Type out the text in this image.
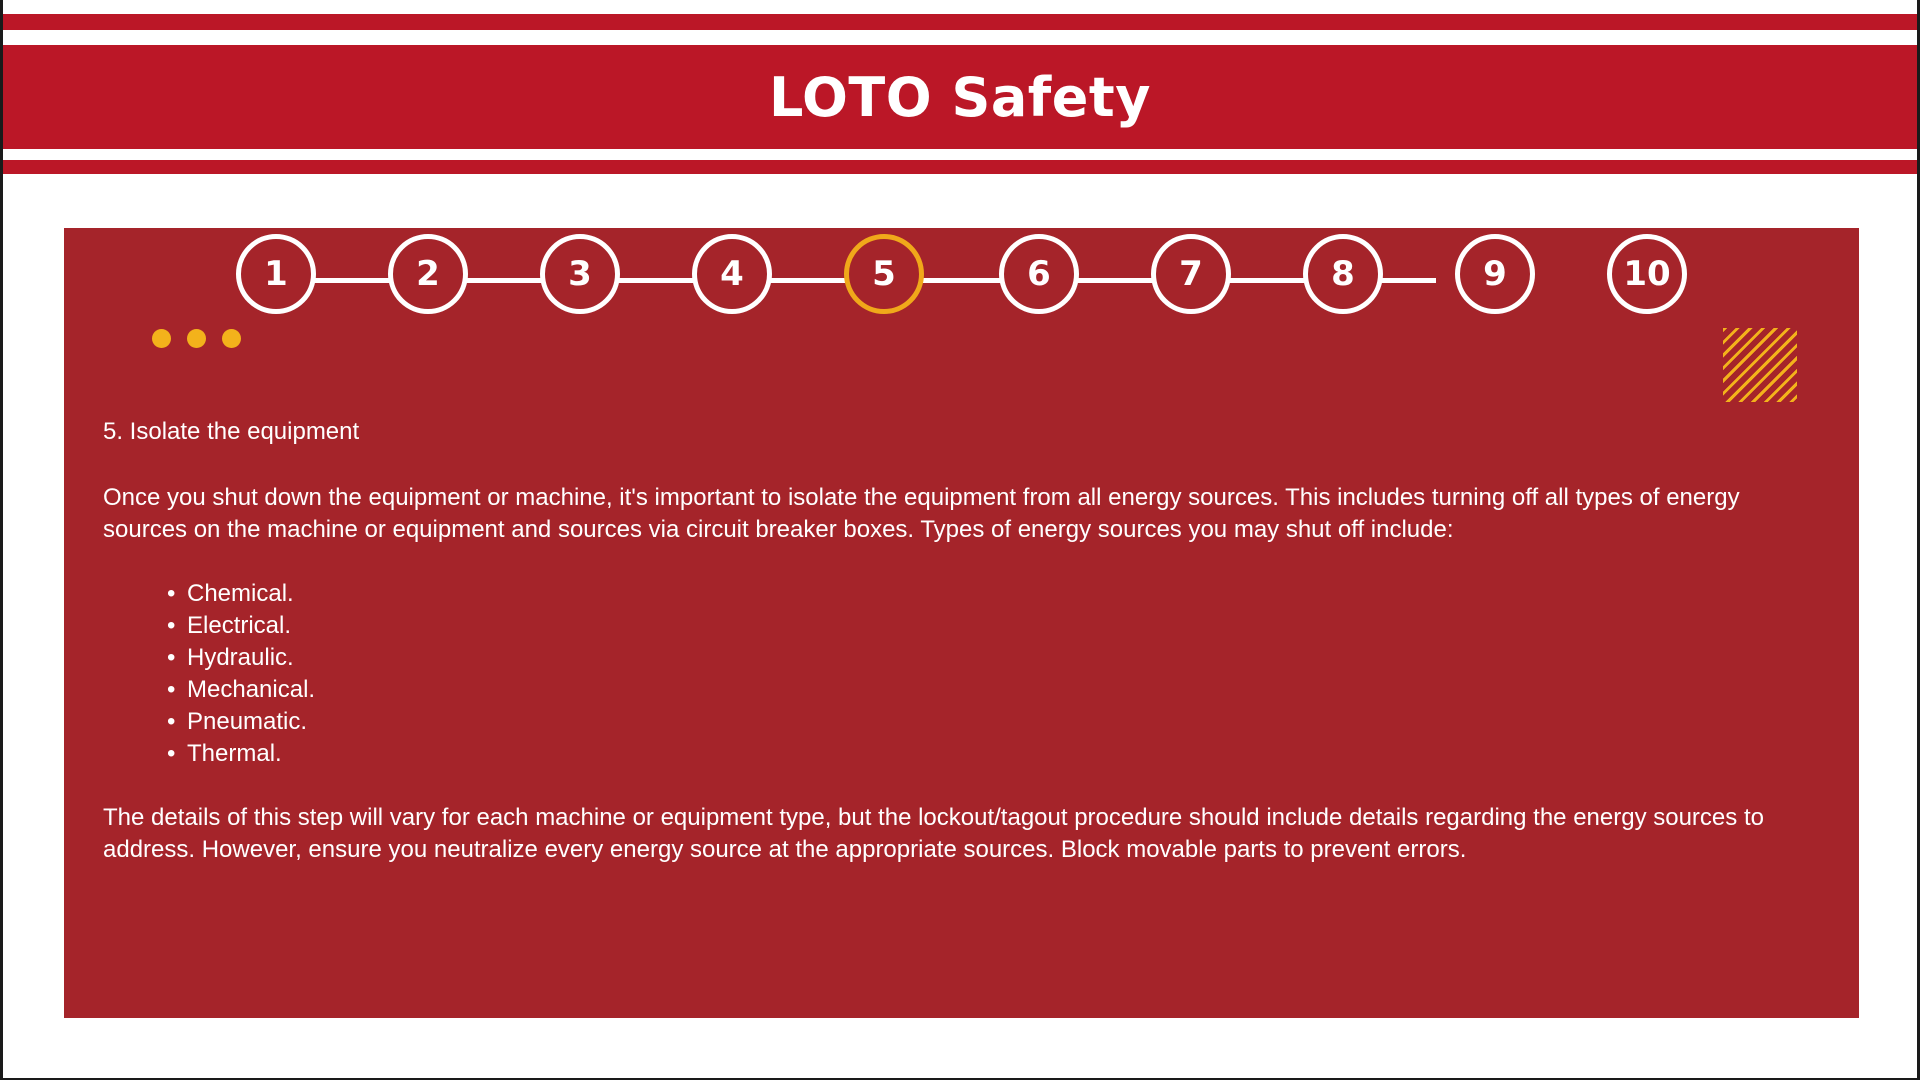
LOTO Safety
1	2	3	4	5	6	7	8	9	10

5. Isolate the equipment

Once you shut down the equipment or machine, it's important to isolate the equipment from all energy sources. This includes turning off all types of energy sources on the machine or equipment and sources via circuit breaker boxes. Types of energy sources you may shut off include:

• Chemical.
• Electrical.
• Hydraulic.
• Mechanical.
• Pneumatic.
• Thermal.

The details of this step will vary for each machine or equipment type, but the lockout/tagout procedure should include details regarding the energy sources to address. However, ensure you neutralize every energy source at the appropriate sources. Block movable parts to prevent errors.
